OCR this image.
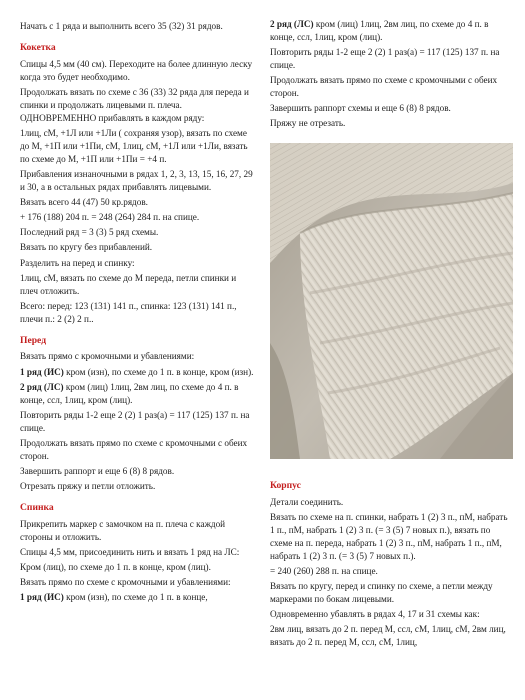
Начать с 1 ряда и выполнить всего 35 (32) 31 рядов.

Кокетка

Спицы 4,5 мм (40 см). Переходите на более длинную леску когда это будет необходимо.

Продолжать вязать по схеме с 36 (33) 32 ряда для переда и спинки и продолжать лицевыми п. плеча. ОДНОВРЕМЕННО прибавлять в каждом ряду:

1лиц, сМ, +1Л или +1Ли ( сохраняя узор), вязать по схеме до М, +1П или +1Пи, сМ, 1лиц, сМ, +1Л или +1Ли, вязать по схеме до М, +1П или +1Пи = +4 п.

Прибавления изнаночными в рядах 1, 2, 3, 13, 15, 16, 27, 29 и 30, а в остальных рядах прибавлять лицевыми.

Вязать всего 44 (47) 50 кр.рядов.

+ 176 (188) 204 п. = 248 (264) 284 п. на спице.

Последний ряд = 3 (3) 5 ряд схемы.

Вязать по кругу без прибавлений.

Разделить на перед и спинку:

1лиц, сМ, вязать по схеме до М переда, петли спинки и плеч отложить.

Всего: перед: 123 (131) 141 п., спинка: 123 (131) 141 п., плечи п.: 2 (2) 2 п..

Перед

Вязать прямо с кромочными и убавлениями:

1 ряд (ИС) кром (изн), по схеме до 1 п. в конце, кром (изн).

2 ряд (ЛС) кром (лиц) 1лиц, 2вм лиц, по схеме до 4 п. в конце, ссл, 1лиц, кром (лиц).

Повторить ряды 1-2 еще 2 (2) 1 раз(а) = 117 (125) 137 п. на спице.

Продолжать вязать прямо по схеме с кромочными с обеих сторон.

Завершить раппорт и еще 6 (8) 8 рядов.

Отрезать пряжу и петли отложить.

Спинка

Прикрепить маркер с замочком на п. плеча с каждой стороны и отложить.

Спицы 4,5 мм, присоединить нить и вязать 1 ряд на ЛС:

Кром (лиц), по схеме до 1 п. в конце, кром (лиц).

Вязать прямо по схеме с кромочными и убавлениями:

1 ряд (ИС) кром (изн), по схеме до 1 п. в конце,

2 ряд (ЛС) кром (лиц) 1лиц, 2вм лиц, по схеме до 4 п. в конце, ссл, 1лиц, кром (лиц).

Повторить ряды 1-2 еще 2 (2) 1 раз(а) = 117 (125) 137 п. на спице.

Продолжать вязать прямо по схеме с кромочными с обеих сторон.

Завершить раппорт схемы и еще 6 (8) 8 рядов.

Пряжу не отрезать.

Корпус

Детали соединить.

Вязать по схеме на п. спинки, набрать 1 (2) 3 п., пМ, набрать 1 п., пМ, набрать 1 (2) 3 п. (= 3 (5) 7 новых п.), вязать по схеме на п. переда, набрать 1 (2) 3 п., пМ, набрать 1 п., пМ, набрать 1 (2) 3 п. (= 3 (5) 7 новых п.).

= 240 (260) 288 п. на спице.

Вязать по кругу, перед и спинку по схеме, а петли между маркерами по бокам лицевыми.

Одновременно убавлять в рядах 4, 17 и 31 схемы как:

2вм лиц, вязать до 2 п. перед М, ссл, сМ, 1лиц, сМ, 2вм лиц, вязать до 2 п. перед М, ссл, сМ, 1лиц,
